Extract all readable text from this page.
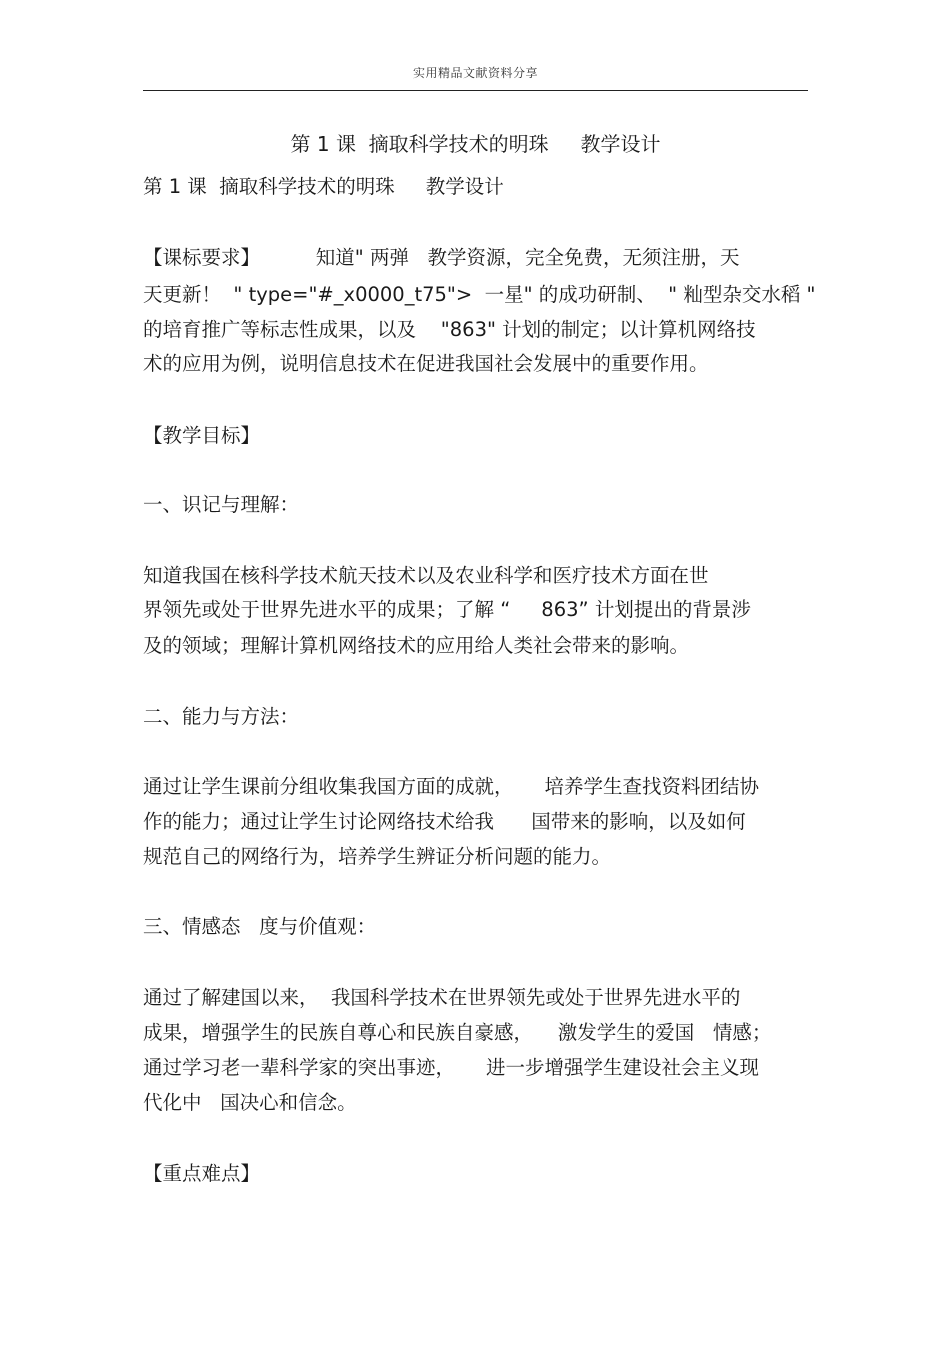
实用精品文献资料分享
第 1 课  摘取科学技术的明珠     教学设计
第 1 课  摘取科学技术的明珠     教学设计
【课标要求】         知道" 两弹   教学资源，完全免费，无须注册，天
天更新！  " type="#_x0000_t75">  一星" 的成功研制、  " 籼型杂交水稻 "
的培育推广等标志性成果，以及    "863" 计划的制定；以计算机网络技
术的应用为例，说明信息技术在促进我国社会发展中的重要作用。
【教学目标】
一、识记与理解：
知道我国在核科学技术航天技术以及农业科学和医疗技术方面在世
界领先或处于世界先进水平的成果；了解 “     863” 计划提出的背景涉
及的领域；理解计算机网络技术的应用给人类社会带来的影响。
二、能力与方法：
通过让学生课前分组收集我国方面的成就，     培养学生查找资料团结协
作的能力；通过让学生讨论网络技术给我      国带来的影响，以及如何
规范自己的网络行为，培养学生辨证分析问题的能力。
三、情感态   度与价值观：
通过了解建国以来，  我国科学技术在世界领先或处于世界先进水平的
成果，增强学生的民族自尊心和民族自豪感，    激发学生的爱国   情感；
通过学习老一辈科学家的突出事迹，     进一步增强学生建设社会主义现
代化中   国决心和信念。
【重点难点】
